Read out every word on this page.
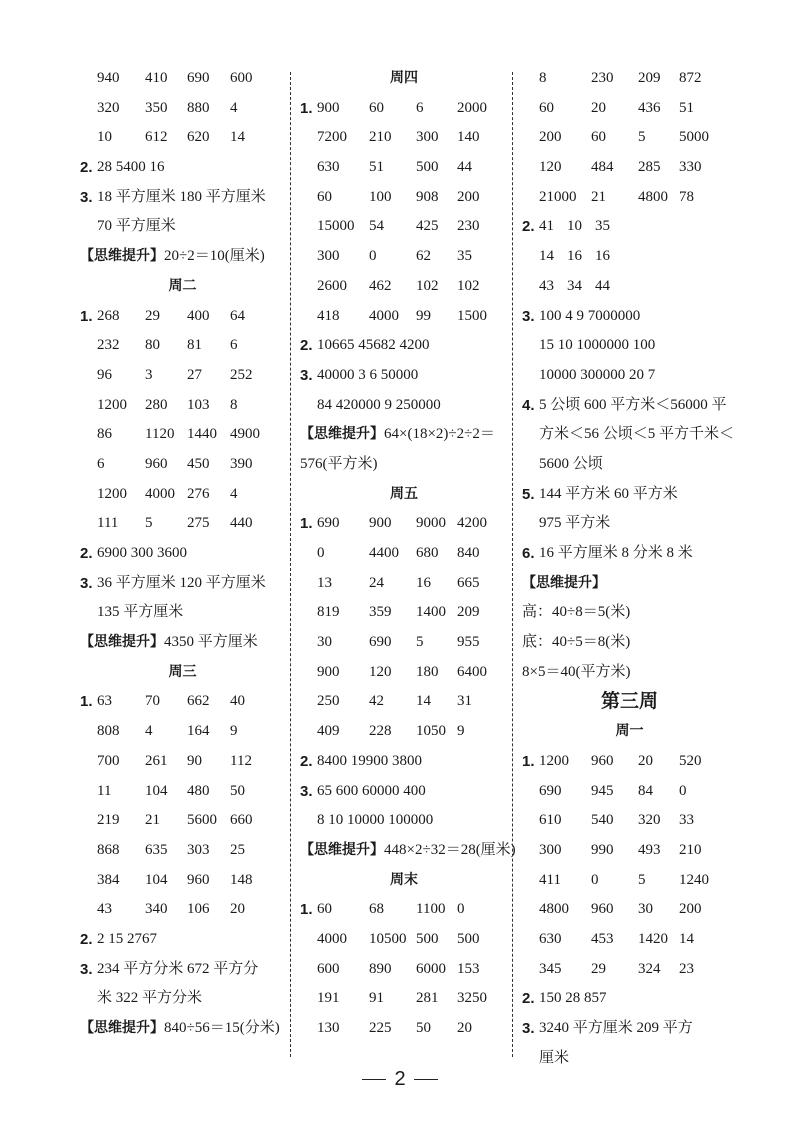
940 410 690 600
320 350 880 4
10 612 620 14
2. 28 5400 16
3. 18 平方厘米 180 平方厘米
70 平方厘米
【思维提升】20÷2＝10(厘米)
周二
1. 268 29 400 64
232 80 81 6
96 3 27 252
1200 280 103 8
86 1120 1440 4900
6	960 450 390
1200 4000 276 4
111 5 275 440
2. 6900 300 3600
3. 36 平方厘米 120 平方厘米
135 平方厘米
【思维提升】4350 平方厘米
周三
1. 63 70 662 40
808 4 164 9
700 261 90 112
11 104 480 50
219 21 5600 660
868 635 303 25
384 104 960 148
43 340 106 20
2. 2 15 2767
3. 234 平方分米 672 平方分
米 322 平方分米
【思维提升】840÷56＝15(分米)
周四
1. 900 60 6 2000
7200 210 300 140
630 51 500 44
60 100 908 200
15000 54 425 230
300 0	62 35
2600 462 102 102
418 4000 99 1500
2. 10665 45682 4200
3. 40000 3 6 50000
84 420000 9 250000
【思维提升】64×(18×2)÷2÷2＝
576(平方米)
周五
1. 690 900 9000 4200
0	4400 680 840
13 24 16 665
819 359 1400 209
30 690 5 955
900 120 180 6400
250 42 14 31
409 228 1050 9
2. 8400 19900 3800
3. 65 600 60000 400
8 10 10000 100000
【思维提升】448×2÷32＝28(厘米)
周末
1. 60 68 1100 0
4000 10500 500 500
600 890 6000 153
191 91 281 3250
130 225 50 20
8	230 209 872
60 20 436 51
200 60 5 5000
120 484 285 330
21000 21 4800 78
2. 41 10 35
14 16 16
43 34 44
3. 100 4 9 7000000
15 10 1000000 100
10000 300000 20 7
4. 5 公顷 600 平方米＜56000 平
方米＜56 公顷＜5 平方千米＜
5600 公顷
5. 144 平方米 60 平方米
975 平方米
6. 16 平方厘米 8 分米 8 米
【思维提升】
高：40÷8＝5(米)
底：40÷5＝8(米)
8×5＝40(平方米)
第三周
周一
1. 1200 960 20 520
690 945 84 0
610 540 320 33
300 990 493 210
411 0	5 1240
4800 960 30 200
630 453 1420 14
345 29 324 23
2. 150 28 857
3. 3240 平方厘米 209 平方
厘米
2
